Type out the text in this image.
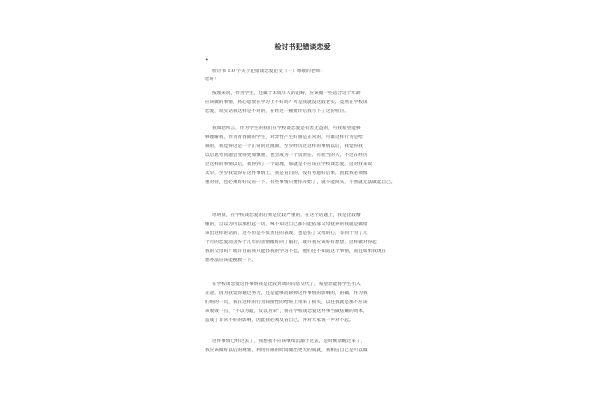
检讨书犯错谈恋爱
•
检讨书 1.0 字关于犯错谈恋爱范文（一）尊敬的老师：
您好！
按理来说，作为学生，还属于未成年人的范畴，应该做一些适合这个年龄
应该做的事情，将心思放在学习上不好吗？可是我就没这般老实，竟然在学校谈
恋爱，说实话我这样是不对的，在经过一顿批评后我写下了这份检讨。
我如您所言，作为学生的我们在学校谈恋爱是有害无益的，可我希望能够
够理解我，作为青春期的学生，对异性产生好感是正常的，可谁这样行为是给
频的，我觉得这是一个正常的过渡期，至少经历过这样的事情以后，我觉得我
以后思考问题会变得更加慎重，也会成为一个负责任、有担当的人，不过在经历
过这样的事情以后，我得到了一个道理，那就是不应该在学校谈恋爱，这对我来说
太早，至少我觉得在这件事情上，我是盲目的，没有考虑好后果，因此我必须慎
重对待，也必须好好反省一下，有些事情只要你开始了，就不能回头，不然就无法做起自己。
坦明显，在学校谈恋爱的后果是比较严重的，在这个话题上，我是比较懵
懂的，自以为可以承担起一切，殊不知这自己都只能依靠父母抚养的我就是做错
该出这样的话的，这不但是不负责任的表现，也是伤了父母的心，等同于为了几
个月的恋爱而舍弃十几年的亲情搬好回了脑后，或许我应该好好想想，这样做对得起
我的父母吗？或许目前我只能怪我的学习不佳，他们还不知道这个事情，而且如果我现在
想办法应该能挽救一下。
在学校谈恋爱这件事情我是比较封闭的向您交代了，希望您能将学生引入
正途，因为我觉得通过努力，还是能够消除掉这件事情的影响的，的确，作为我
们班的一员，我在这样的行为间接性的给班上带来了损失，以往我就是那不应该
该收敛一点，“不以为耻，反以为荣”，将在学校谈恋爱这件事当做炫耀的资本，
造成了非常不好的影响，因此我必须反省自己，并对大家说一声对不起。
这件事情已经过去了，我想我不应该继续沉溺于过去，是时候清醒过来了，
我应该做好以后的规划，利用有限的时间做出更大的成就，我相信自己是可以做
